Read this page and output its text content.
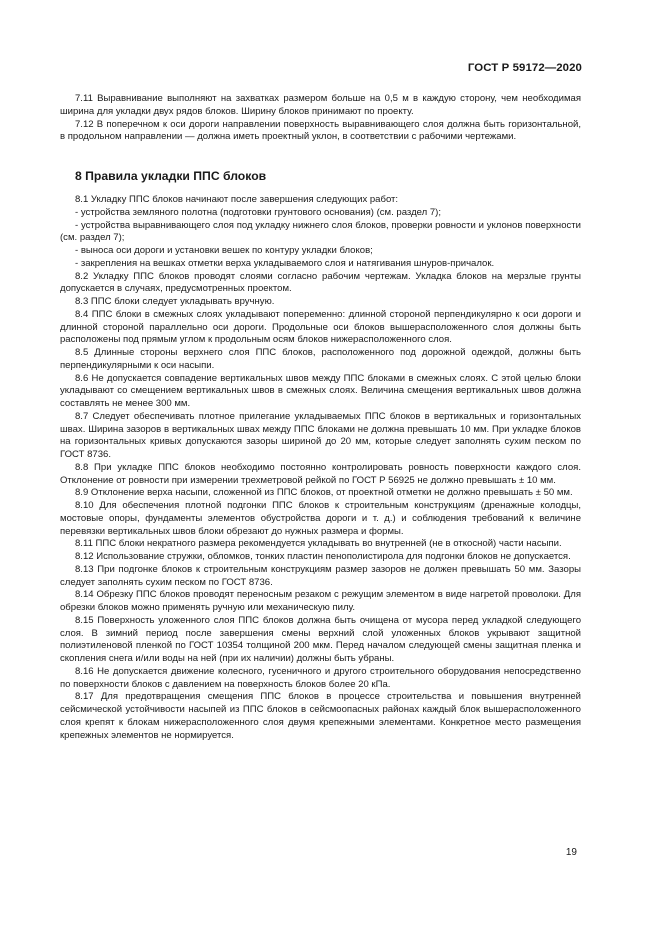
ГОСТ Р 59172—2020

7.11 Выравнивание выполняют на захватках размером больше на 0,5 м в каждую сторону, чем необходимая ширина для укладки двух рядов блоков. Ширину блоков принимают по проекту.

7.12 В поперечном к оси дороги направлении поверхность выравнивающего слоя должна быть горизонтальной, в продольном направлении — должна иметь проектный уклон, в соответствии с рабочими чертежами.

8 Правила укладки ППС блоков

8.1 Укладку ППС блоков начинают после завершения следующих работ:

- устройства земляного полотна (подготовки грунтового основания) (см. раздел 7);

- устройства выравнивающего слоя под укладку нижнего слоя блоков, проверки ровности и уклонов поверхности (см. раздел 7);

- выноса оси дороги и установки вешек по контуру укладки блоков;

- закрепления на вешках отметки верха укладываемого слоя и натягивания шнуров-причалок.

8.2 Укладку ППС блоков проводят слоями согласно рабочим чертежам. Укладка блоков на мерзлые грунты допускается в случаях, предусмотренных проектом.

8.3 ППС блоки следует укладывать вручную.

8.4 ППС блоки в смежных слоях укладывают попеременно: длинной стороной перпендикулярно к оси дороги и длинной стороной параллельно оси дороги. Продольные оси блоков вышерасположенного слоя должны быть расположены под прямым углом к продольным осям блоков нижерасположенного слоя.

8.5 Длинные стороны верхнего слоя ППС блоков, расположенного под дорожной одеждой, должны быть перпендикулярными к оси насыпи.

8.6 Не допускается совпадение вертикальных швов между ППС блоками в смежных слоях. С этой целью блоки укладывают со смещением вертикальных швов в смежных слоях. Величина смещения вертикальных швов должна составлять не менее 300 мм.

8.7 Следует обеспечивать плотное прилегание укладываемых ППС блоков в вертикальных и горизонтальных швах. Ширина зазоров в вертикальных швах между ППС блоками не должна превышать 10 мм. При укладке блоков на горизонтальных кривых допускаются зазоры шириной до 20 мм, которые следует заполнять сухим песком по ГОСТ 8736.

8.8 При укладке ППС блоков необходимо постоянно контролировать ровность поверхности каждого слоя. Отклонение от ровности при измерении трехметровой рейкой по ГОСТ Р 56925 не должно превышать ± 10 мм.

8.9 Отклонение верха насыпи, сложенной из ППС блоков, от проектной отметки не должно превышать ± 50 мм.

8.10 Для обеспечения плотной подгонки ППС блоков к строительным конструкциям (дренажные колодцы, мостовые опоры, фундаменты элементов обустройства дороги и т. д.) и соблюдения требований к величине перевязки вертикальных швов блоки обрезают до нужных размера и формы.

8.11 ППС блоки некратного размера рекомендуется укладывать во внутренней (не в откосной) части насыпи.

8.12 Использование стружки, обломков, тонких пластин пенополистирола для подгонки блоков не допускается.

8.13 При подгонке блоков к строительным конструкциям размер зазоров не должен превышать 50 мм. Зазоры следует заполнять сухим песком по ГОСТ 8736.

8.14 Обрезку ППС блоков проводят переносным резаком с режущим элементом в виде нагретой проволоки. Для обрезки блоков можно применять ручную или механическую пилу.

8.15 Поверхность уложенного слоя ППС блоков должна быть очищена от мусора перед укладкой следующего слоя. В зимний период после завершения смены верхний слой уложенных блоков укрывают защитной полиэтиленовой пленкой по ГОСТ 10354 толщиной 200 мкм. Перед началом следующей смены защитная пленка и скопления снега и/или воды на ней (при их наличии) должны быть убраны.

8.16 Не допускается движение колесного, гусеничного и другого строительного оборудования непосредственно по поверхности блоков с давлением на поверхность блоков более 20 кПа.

8.17 Для предотвращения смещения ППС блоков в процессе строительства и повышения внутренней сейсмической устойчивости насыпей из ППС блоков в сейсмоопасных районах каждый блок вышерасположенного слоя крепят к блокам нижерасположенного слоя двумя крепежными элементами. Конкретное место размещения крепежных элементов не нормируется.

19
